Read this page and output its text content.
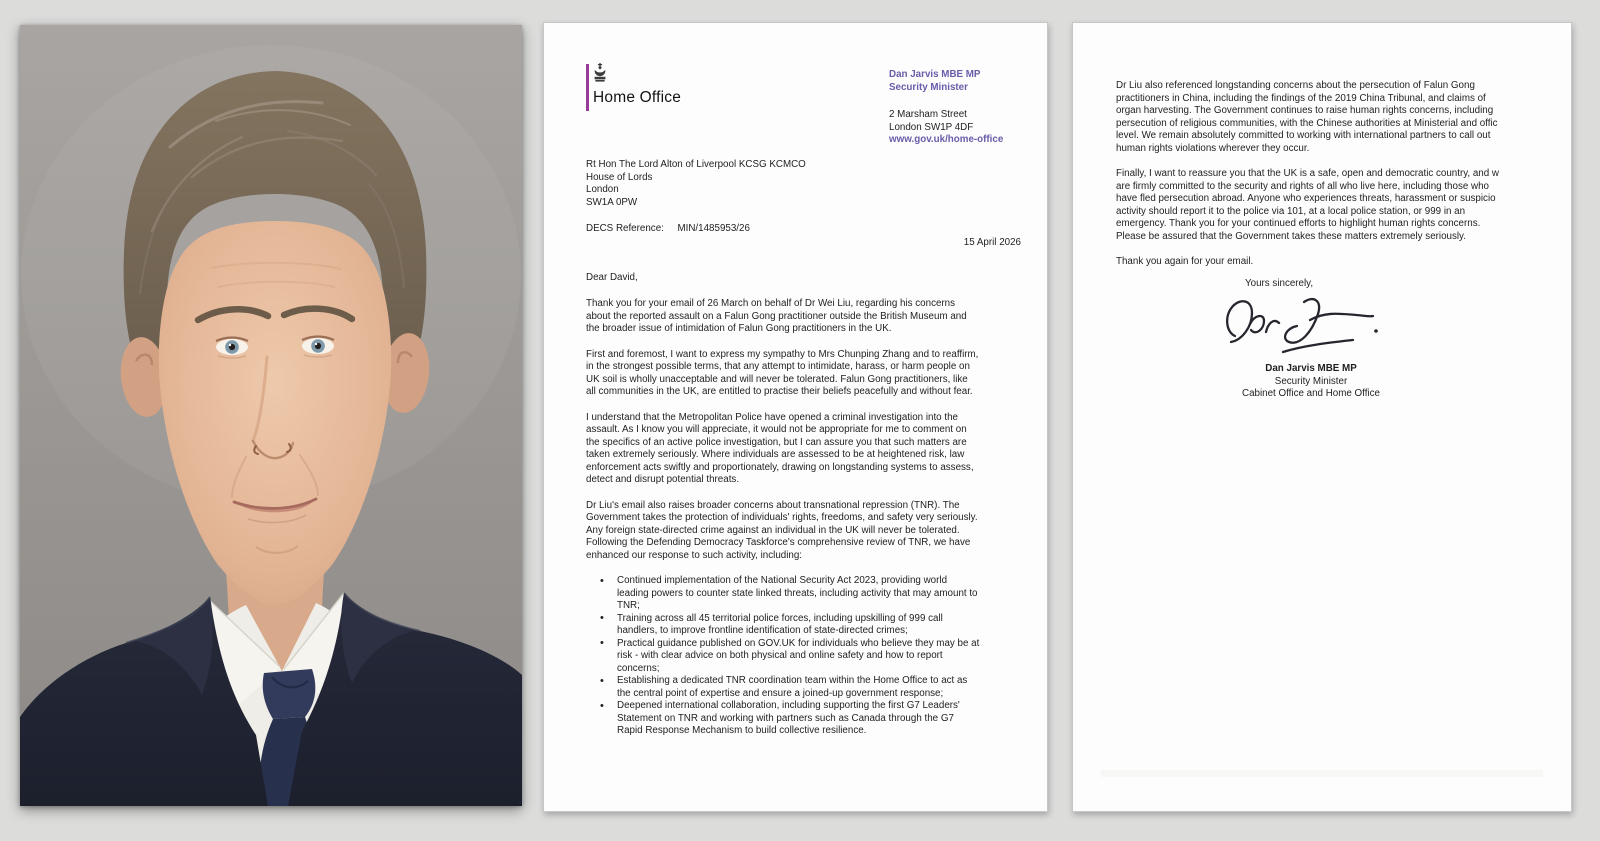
Home Office
Dan Jarvis MBE MP
Security Minister
2 Marsham Street
London SW1P 4DF
www.gov.uk/home-office
Rt Hon The Lord Alton of Liverpool KCSG KCMCO
House of Lords
London
SW1A 0PW
DECS Reference:     MIN/1485953/26
15 April 2026
Dear David,
Thank you for your email of 26 March on behalf of Dr Wei Liu, regarding his concerns
about the reported assault on a Falun Gong practitioner outside the British Museum and
the broader issue of intimidation of Falun Gong practitioners in the UK.
First and foremost, I want to express my sympathy to Mrs Chunping Zhang and to reaffirm,
in the strongest possible terms, that any attempt to intimidate, harass, or harm people on
UK soil is wholly unacceptable and will never be tolerated. Falun Gong practitioners, like
all communities in the UK, are entitled to practise their beliefs peacefully and without fear.
I understand that the Metropolitan Police have opened a criminal investigation into the
assault. As I know you will appreciate, it would not be appropriate for me to comment on
the specifics of an active police investigation, but I can assure you that such matters are
taken extremely seriously. Where individuals are assessed to be at heightened risk, law
enforcement acts swiftly and proportionately, drawing on longstanding systems to assess,
detect and disrupt potential threats.
Dr Liu's email also raises broader concerns about transnational repression (TNR). The
Government takes the protection of individuals' rights, freedoms, and safety very seriously.
Any foreign state-directed crime against an individual in the UK will never be tolerated.
Following the Defending Democracy Taskforce's comprehensive review of TNR, we have
enhanced our response to such activity, including:
• Continued implementation of the National Security Act 2023, providing world
leading powers to counter state linked threats, including activity that may amount to
TNR;
• Training across all 45 territorial police forces, including upskilling of 999 call
handlers, to improve frontline identification of state-directed crimes;
• Practical guidance published on GOV.UK for individuals who believe they may be at
risk - with clear advice on both physical and online safety and how to report
concerns;
• Establishing a dedicated TNR coordination team within the Home Office to act as
the central point of expertise and ensure a joined-up government response;
• Deepened international collaboration, including supporting the first G7 Leaders'
Statement on TNR and working with partners such as Canada through the G7
Rapid Response Mechanism to build collective resilience.
Dr Liu also referenced longstanding concerns about the persecution of Falun Gong
practitioners in China, including the findings of the 2019 China Tribunal, and claims of
organ harvesting. The Government continues to raise human rights concerns, including
persecution of religious communities, with the Chinese authorities at Ministerial and offic
level. We remain absolutely committed to working with international partners to call out
human rights violations wherever they occur.
Finally, I want to reassure you that the UK is a safe, open and democratic country, and w
are firmly committed to the security and rights of all who live here, including those who
have fled persecution abroad. Anyone who experiences threats, harassment or suspicio
activity should report it to the police via 101, at a local police station, or 999 in an
emergency. Thank you for your continued efforts to highlight human rights concerns.
Please be assured that the Government takes these matters extremely seriously.
Thank you again for your email.
Yours sincerely,
Dan Jarvis MBE MP
Security Minister
Cabinet Office and Home Office
